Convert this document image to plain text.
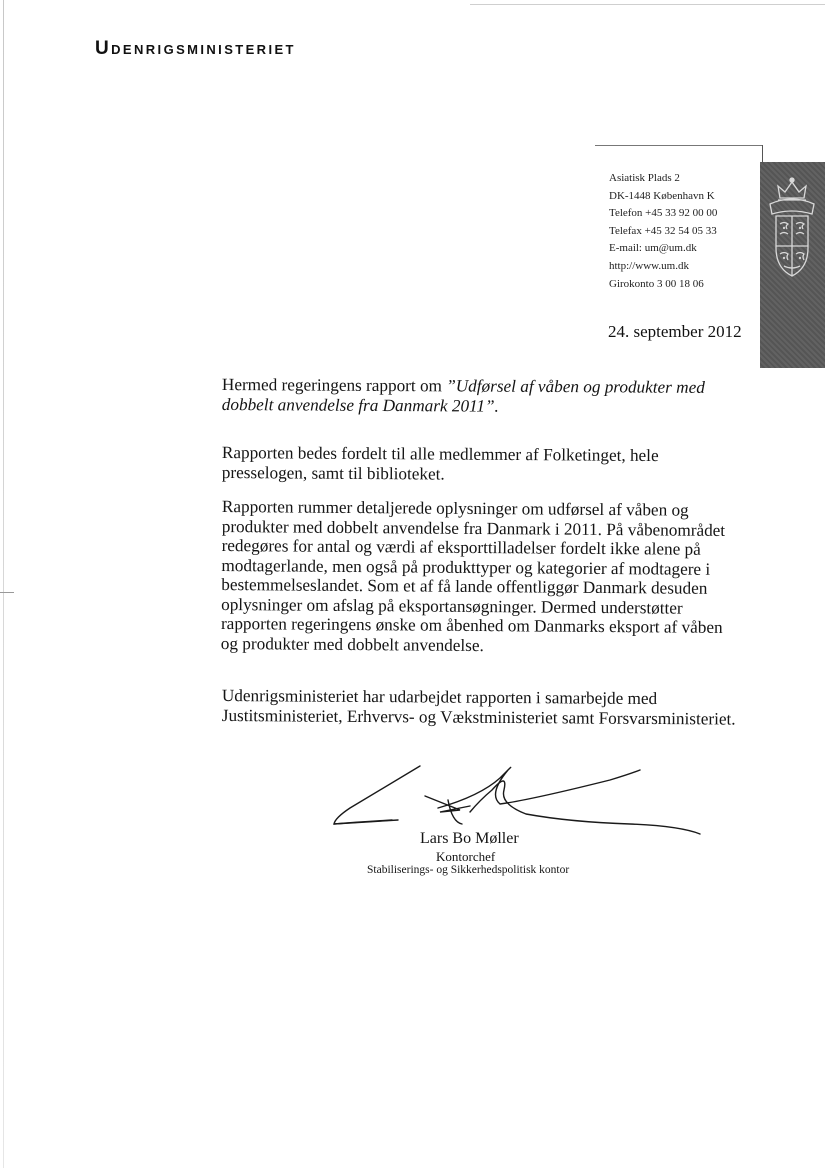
Udenrigsministeriet
Asiatisk Plads 2
DK-1448 København K
Telefon +45 33 92 00 00
Telefax +45 32 54 05 33
E-mail: um@um.dk
http://www.um.dk
Girokonto 3 00 18 06
24. september 2012
Hermed regeringens rapport om ”Udførsel af våben og produkter med dobbelt anvendelse fra Danmark 2011”.
Rapporten bedes fordelt til alle medlemmer af Folketinget, hele presselogen, samt til biblioteket.
Rapporten rummer detaljerede oplysninger om udførsel af våben og produkter med dobbelt anvendelse fra Danmark i 2011. På våbenområdet redegøres for antal og værdi af eksporttilladelser fordelt ikke alene på modtagerlande, men også på produkttyper og kategorier af modtagere i bestemmelseslandet. Som et af få lande offentliggør Danmark desuden oplysninger om afslag på eksportansøgninger. Dermed understøtter rapporten regeringens ønske om åbenhed om Danmarks eksport af våben og produkter med dobbelt anvendelse.
Udenrigsministeriet har udarbejdet rapporten i samarbejde med Justitsministeriet, Erhvervs- og Vækstministeriet samt Forsvarsministeriet.
Lars Bo Møller
Kontorchef
Stabiliserings- og Sikkerhedspolitisk kontor
